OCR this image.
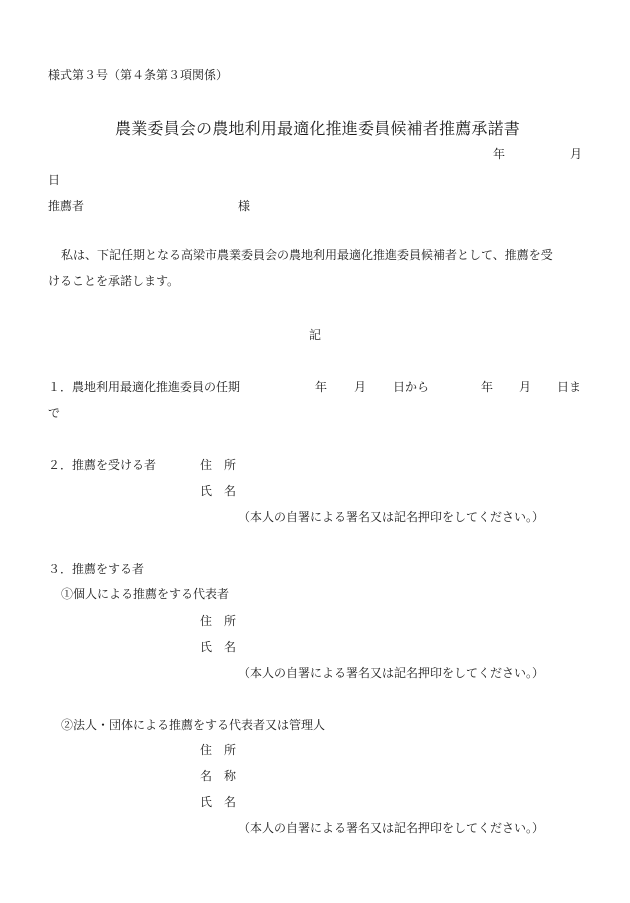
様式第３号（第４条第３項関係）
農業委員会の農地利用最適化推進委員候補者推薦承諾書
年	月
日
推薦者	様
私は、下記任期となる高梁市農業委員会の農地利用最適化推進委員候補者として、推薦を受
けることを承諾します。
記
１．農地利用最適化推進委員の任期	年 月 日から	年 月 日ま
で
２．推薦を受ける者	住　所
氏　名
（本人の自署による署名又は記名押印をしてください。）
３．推薦をする者
①個人による推薦をする代表者
住　所
氏　名
（本人の自署による署名又は記名押印をしてください。）
②法人・団体による推薦をする代表者又は管理人
住　所
名　称
氏　名
（本人の自署による署名又は記名押印をしてください。）
